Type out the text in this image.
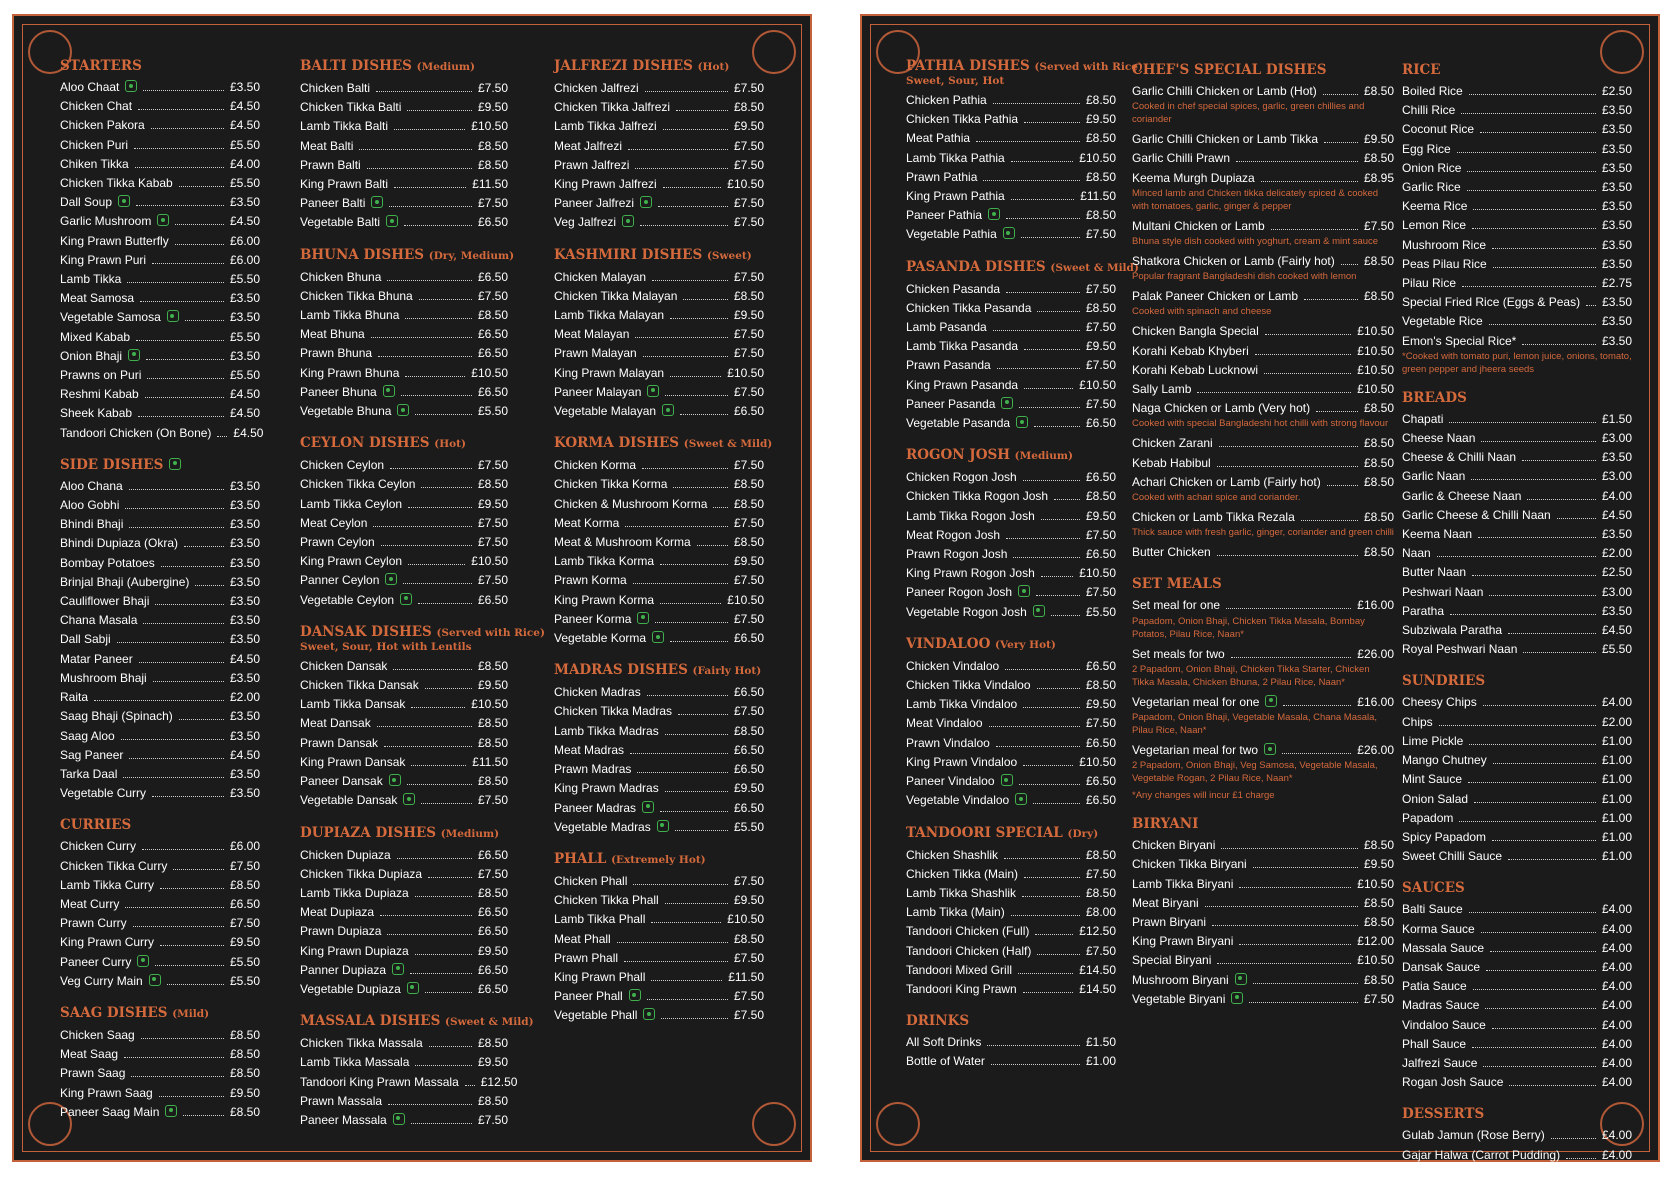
STARTERS
Aloo Chaat	£3.50
Chicken Chat	£4.50
Chicken Pakora	£4.50
Chicken Puri	£5.50
Chiken Tikka	£4.00
Chicken Tikka Kabab	£5.50
Dall Soup	£3.50
Garlic Mushroom	£4.50
King Prawn Butterfly	£6.00
King Prawn Puri	£6.00
Lamb Tikka	£5.50
Meat Samosa	£3.50
Vegetable Samosa	£3.50
Mixed Kabab	£5.50
Onion Bhaji	£3.50
Prawns on Puri	£5.50
Reshmi Kabab	£4.50
Sheek Kabab	£4.50
Tandoori Chicken (On Bone) £4.50
SIDE DISHES
Aloo Chana	£3.50
Aloo Gobhi	£3.50
Bhindi Bhaji	£3.50
Bhindi Dupiaza (Okra)	£3.50
Bombay Potatoes	£3.50
Brinjal Bhaji (Aubergine)	£3.50
Cauliflower Bhaji	£3.50
Chana Masala	£3.50
Dall Sabji	£3.50
Matar Paneer	£4.50
Mushroom Bhaji	£3.50
Raita	£2.00
Saag Bhaji (Spinach)	£3.50
Saag Aloo	£3.50
Sag Paneer	£4.50
Tarka Daal	£3.50
Vegetable Curry	£3.50
CURRIES
Chicken Curry	£6.00
Chicken Tikka Curry	£7.50
Lamb Tikka Curry	£8.50
Meat Curry	£6.50
Prawn Curry	£7.50
King Prawn Curry	£9.50
Paneer Curry	£5.50
Veg Curry Main	£5.50
SAAG DISHES (Mild)
Chicken Saag	£8.50
Meat Saag	£8.50
Prawn Saag	£8.50
King Prawn Saag	£9.50
Paneer Saag Main	£8.50
BALTI DISHES (Medium)
Chicken Balti	£7.50
Chicken Tikka Balti	£9.50
Lamb Tikka Balti	£10.50
Meat Balti	£8.50
Prawn Balti	£8.50
King Prawn Balti	£11.50
Paneer Balti	£7.50
Vegetable Balti	£6.50
BHUNA DISHES (Dry, Medium)
Chicken Bhuna	£6.50
Chicken Tikka Bhuna	£7.50
Lamb Tikka Bhuna	£8.50
Meat Bhuna	£6.50
Prawn Bhuna	£6.50
King Prawn Bhuna	£10.50
Paneer Bhuna	£6.50
Vegetable Bhuna	£5.50
CEYLON DISHES (Hot)
Chicken Ceylon	£7.50
Chicken Tikka Ceylon	£8.50
Lamb Tikka Ceylon	£9.50
Meat Ceylon	£7.50
Prawn Ceylon	£7.50
King Prawn Ceylon	£10.50
Panner Ceylon	£7.50
Vegetable Ceylon	£6.50
DANSAK DISHES (Served with Rice)
Sweet, Sour, Hot with Lentils
Chicken Dansak	£8.50
Chicken Tikka Dansak	£9.50
Lamb Tikka Dansak	£10.50
Meat Dansak	£8.50
Prawn Dansak	£8.50
King Prawn Dansak	£11.50
Paneer Dansak	£8.50
Vegetable Dansak	£7.50
DUPIAZA DISHES (Medium)
Chicken Dupiaza	£6.50
Chicken Tikka Dupiaza	£7.50
Lamb Tikka Dupiaza	£8.50
Meat Dupiaza	£6.50
Prawn Dupiaza	£6.50
King Prawn Dupiaza	£9.50
Panner Dupiaza	£6.50
Vegetable Dupiaza	£6.50
MASSALA DISHES (Sweet & Mild)
Chicken Tikka Massala	£8.50
Lamb Tikka Massala	£9.50
Tandoori King Prawn Massala £12.50
Prawn Massala	£8.50
Paneer Massala	£7.50
JALFREZI DISHES (Hot)
Chicken Jalfrezi	£7.50
Chicken Tikka Jalfrezi	£8.50
Lamb Tikka Jalfrezi	£9.50
Meat Jalfrezi	£7.50
Prawn Jalfrezi	£7.50
King Prawn Jalfrezi	£10.50
Paneer Jalfrezi	£7.50
Veg Jalfrezi	£7.50
KASHMIRI DISHES (Sweet)
Chicken Malayan	£7.50
Chicken Tikka Malayan	£8.50
Lamb Tikka Malayan	£9.50
Meat Malayan	£7.50
Prawn Malayan	£7.50
King Prawn Malayan	£10.50
Paneer Malayan	£7.50
Vegetable Malayan	£6.50
KORMA DISHES (Sweet & Mild)
Chicken Korma	£7.50
Chicken Tikka Korma	£8.50
Chicken & Mushroom Korma £8.50
Meat Korma	£7.50
Meat & Mushroom Korma	£8.50
Lamb Tikka Korma	£9.50
Prawn Korma	£7.50
King Prawn Korma	£10.50
Paneer Korma	£7.50
Vegetable Korma	£6.50
MADRAS DISHES (Fairly Hot)
Chicken Madras	£6.50
Chicken Tikka Madras	£7.50
Lamb Tikka Madras	£8.50
Meat Madras	£6.50
Prawn Madras	£6.50
King Prawn Madras	£9.50
Paneer Madras	£6.50
Vegetable Madras	£5.50
PHALL (Extremely Hot)
Chicken Phall	£7.50
Chicken Tikka Phall	£9.50
Lamb Tikka Phall	£10.50
Meat Phall	£8.50
Prawn Phall	£7.50
King Prawn Phall	£11.50
Paneer Phall	£7.50
Vegetable Phall	£7.50
PATHIA DISHES (Served with Rice)
Sweet, Sour, Hot
Chicken Pathia	£8.50
Chicken Tikka Pathia	£9.50
Meat Pathia	£8.50
Lamb Tikka Pathia	£10.50
Prawn Pathia	£8.50
King Prawn Pathia	£11.50
Paneer Pathia	£8.50
Vegetable Pathia	£7.50
PASANDA DISHES (Sweet & Mild)
Chicken Pasanda	£7.50
Chicken Tikka Pasanda	£8.50
Lamb Pasanda	£7.50
Lamb Tikka Pasanda	£9.50
Prawn Pasanda	£7.50
King Prawn Pasanda	£10.50
Paneer Pasanda	£7.50
Vegetable Pasanda	£6.50
ROGON JOSH (Medium)
Chicken Rogon Josh	£6.50
Chicken Tikka Rogon Josh	£8.50
Lamb Tikka Rogon Josh	£9.50
Meat Rogon Josh	£7.50
Prawn Rogon Josh	£6.50
King Prawn Rogon Josh	£10.50
Paneer Rogon Josh	£7.50
Vegetable Rogon Josh	£5.50
VINDALOO (Very Hot)
Chicken Vindaloo	£6.50
Chicken Tikka Vindaloo	£8.50
Lamb Tikka Vindaloo	£9.50
Meat Vindaloo	£7.50
Prawn Vindaloo	£6.50
King Prawn Vindaloo	£10.50
Paneer Vindaloo	£6.50
Vegetable Vindaloo	£6.50
TANDOORI SPECIAL (Dry)
Chicken Shashlik	£8.50
Chicken Tikka (Main)	£7.50
Lamb Tikka Shashlik	£8.50
Lamb Tikka (Main)	£8.00
Tandoori Chicken (Full)	£12.50
Tandoori Chicken (Half)	£7.50
Tandoori Mixed Grill	£14.50
Tandoori King Prawn	£14.50
DRINKS
All Soft Drinks	£1.50
Bottle of Water	£1.00
CHEF'S SPECIAL DISHES
Garlic Chilli Chicken or Lamb (Hot)	£8.50
Cooked in chef special spices, garlic, green chillies and coriander
Garlic Chilli Chicken or Lamb Tikka	£9.50
Garlic Chilli Prawn	£8.50
Keema Murgh Dupiaza	£8.95
Minced lamb and Chicken tikka delicately spiced & cooked with tomatoes, garlic, ginger & pepper
Multani Chicken or Lamb	£7.50
Bhuna style dish cooked with yoghurt, cream & mint sauce
Shatkora Chicken or Lamb (Fairly hot) £8.50
Popular fragrant Bangladeshi dish cooked with lemon
Palak Paneer Chicken or Lamb	£8.50
Cooked with spinach and cheese
Chicken Bangla Special	£10.50
Korahi Kebab Khyberi	£10.50
Korahi Kebab Lucknowi	£10.50
Sally Lamb	£10.50
Naga Chicken or Lamb (Very hot)	£8.50
Cooked with special Bangladeshi hot chilli with strong flavour
Chicken Zarani	£8.50
Kebab Habibul	£8.50
Achari Chicken or Lamb (Fairly hot)	£8.50
Cooked with achari spice and coriander.
Chicken or Lamb Tikka Rezala	£8.50
Thick sauce with fresh garlic, ginger, coriander and green chilli
Butter Chicken	£8.50
SET MEALS
Set meal for one	£16.00
Papadom, Onion Bhaji, Chicken Tikka Masala, Bombay Potatos, Pilau Rice, Naan*
Set meals for two	£26.00
2 Papadom, Onion Bhaji, Chicken Tikka Starter, Chicken Tikka Masala, Chicken Bhuna, 2 Pilau Rice, Naan*
Vegetarian meal for one	£16.00
Papadom, Onion Bhaji, Vegetable Masala, Chana Masala, Pilau Rice, Naan*
Vegetarian meal for two	£26.00
2 Papadom, Onion Bhaji, Veg Samosa, Vegetable Masala, Vegetable Rogan, 2 Pilau Rice, Naan*
*Any changes will incur £1 charge
BIRYANI
Chicken Biryani	£8.50
Chicken Tikka Biryani	£9.50
Lamb Tikka Biryani	£10.50
Meat Biryani	£8.50
Prawn Biryani	£8.50
King Prawn Biryani	£12.00
Special Biryani	£10.50
Mushroom Biryani	£8.50
Vegetable Biryani	£7.50
RICE
Boiled Rice	£2.50
Chilli Rice	£3.50
Coconut Rice	£3.50
Egg Rice	£3.50
Onion Rice	£3.50
Garlic Rice	£3.50
Keema Rice	£3.50
Lemon Rice	£3.50
Mushroom Rice	£3.50
Peas Pilau Rice	£3.50
Pilau Rice	£2.75
Special Fried Rice (Eggs & Peas) £3.50
Vegetable Rice	£3.50
Emon's Special Rice*	£3.50
*Cooked with tomato puri, lemon juice, onions, tomato, green pepper and jheera seeds
BREADS
Chapati	£1.50
Cheese Naan	£3.00
Cheese & Chilli Naan	£3.50
Garlic Naan	£3.00
Garlic & Cheese Naan	£4.00
Garlic Cheese & Chilli Naan	£4.50
Keema Naan	£3.50
Naan	£2.00
Butter Naan	£2.50
Peshwari Naan	£3.00
Paratha	£3.50
Subziwala Paratha	£4.50
Royal Peshwari Naan	£5.50
SUNDRIES
Cheesy Chips	£4.00
Chips	£2.00
Lime Pickle	£1.00
Mango Chutney	£1.00
Mint Sauce	£1.00
Onion Salad	£1.00
Papadom	£1.00
Spicy Papadom	£1.00
Sweet Chilli Sauce	£1.00
SAUCES
Balti Sauce	£4.00
Korma Sauce	£4.00
Massala Sauce	£4.00
Dansak Sauce	£4.00
Patia Sauce	£4.00
Madras Sauce	£4.00
Vindaloo Sauce	£4.00
Phall Sauce	£4.00
Jalfrezi Sauce	£4.00
Rogan Josh Sauce	£4.00
DESSERTS
Gulab Jamun (Rose Berry)	£4.00
Gajar Halwa (Carrot Pudding)	£4.00
